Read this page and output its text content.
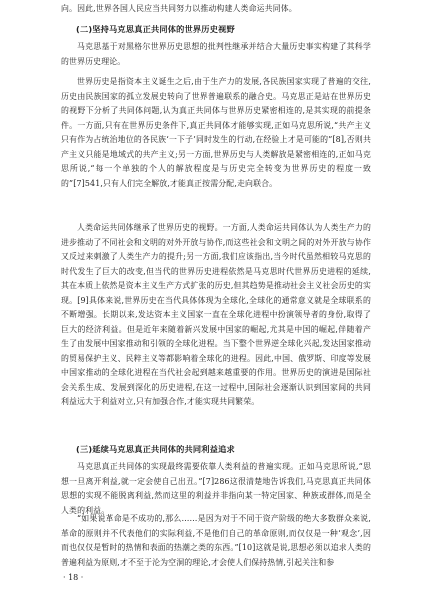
向。因此,世界各国人民应当共同努力以推动构建人类命运共同体。

(二)坚持马克思真正共同体的世界历史视野

马克思基于对黑格尔世界历史思想的批判性继承并结合大量历史事实构建了其科学的世界历史理论。

世界历史是指资本主义诞生之后,由于生产力的发展,各民族国家实现了普遍的交往,历史由民族国家的孤立发展史转向了世界普遍联系的融合史。马克思正是站在世界历史的视野下分析了共同体问题,认为真正共同体与世界历史紧密相连的,是其实现的前提条件。一方面,只有在世界历史条件下,真正共同体才能够实现,正如马克思所说,“共产主义只有作为占统治地位的各民族‘一下子’同时发生的行动,在经验上才是可能的”[8],否则共产主义只能是地域式的共产主义;另一方面,世界历史与人类解放是紧密相连的,正如马克思所说,“每一个单独的个人的解放程度是与历史完全转变为世界历史的程度一致的”[7]541,只有人们完全解放,才能真正按需分配,走向联合。

人类命运共同体继承了世界历史的视野。一方面,人类命运共同体认为人类生产力的进步推动了不同社会和文明的对外开放与协作,而这些社会和文明之间的对外开放与协作又反过来刺激了人类生产力的提升;另一方面,我们应该指出,当今时代虽然相较马克思的时代发生了巨大的改变,但当代的世界历史进程依然是马克思时代世界历史进程的延续,其在本质上依然是资本主义生产方式扩张的历史,但其趋势是推动社会主义社会历史的实现。[9]具体来说,世界历史在当代具体体现为全球化,全球化的通常意义就是全球联系的不断增强。长期以来,发达资本主义国家一直在全球化进程中扮演领导者的身份,取得了巨大的经济利益。但是近年来随着新兴发展中国家的崛起,尤其是中国的崛起,伴随着产生了由发展中国家推动和引领的全球化进程。当下整个世界逆全球化兴起,发达国家推动的贸易保护主义、民粹主义等都影响着全球化的进程。因此,中国、俄罗斯、印度等发展中国家推动的全球化进程在当代社会起到越来越重要的作用。世界历史的演进是国际社会关系生成、发展到深化的历史进程,在这一过程中,国际社会逐渐认识到国家间的共同利益远大于利益对立,只有加强合作,才能实现共同繁荣。

(三)延续马克思真正共同体的共同利益追求

马克思真正共同体的实现最终需要依靠人类利益的普遍实现。正如马克思所说,“思想一旦离开利益,就一定会使自己出丑。”[7]286这很清楚地告诉我们,马克思真正共同体思想的实现不能脱离利益,然而这里的利益并非指向某一特定国家、种族或群体,而是全人类的利益。

“如果说革命是不成功的,那么……是因为对于不同于资产阶级的绝大多数群众来说,革命的原则并不代表他们的实际利益,不是他们自己的革命原则,而仅仅是一种‘观念’,因而也仅仅是暂时的热情和表面的热潮之类的东西。”[10]这就是说,思想必须以追求人类的普遍利益为原则,才不至于沦为空洞的理论,才会使人们保持热情,引起关注和参

· 18 ·
